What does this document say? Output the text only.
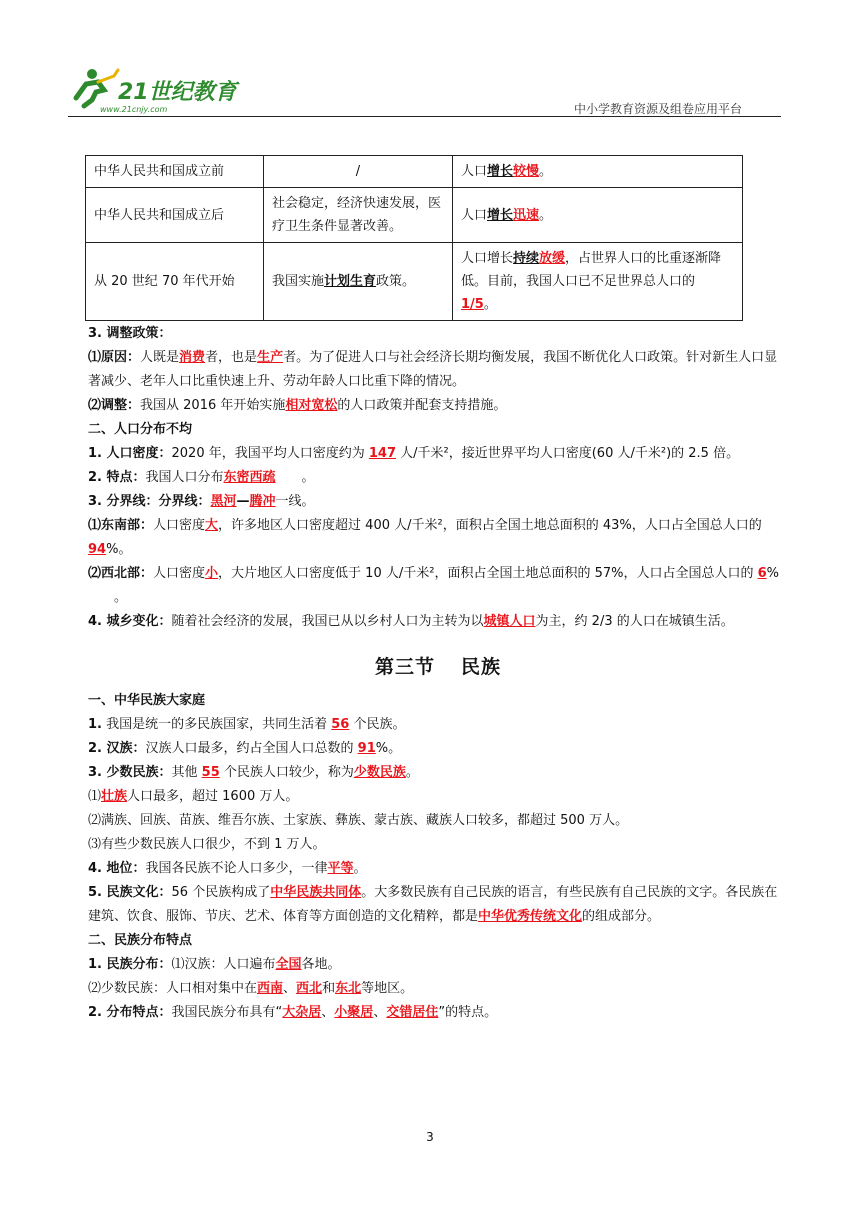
21世纪教育
www.21cnjy.com	中小学教育资源及组卷应用平台
中华人民共和国成立前	/	人口增长较慢。
中华人民共和国成立后	社会稳定，经济快速发展，医疗卫生条件显著改善。	人口增长迅速。
从 20 世纪 70 年代开始	我国实施计划生育政策。	人口增长持续放缓，占世界人口的比重逐渐降低。目前，我国人口已不足世界总人口的 1/5。
3. 调整政策：
⑴原因：人既是消费者，也是生产者。为了促进人口与社会经济长期均衡发展，我国不断优化人口政策。针对新生人口显著减少、老年人口比重快速上升、劳动年龄人口比重下降的情况。
⑵调整：我国从 2016 年开始实施相对宽松的人口政策并配套支持措施。
二、人口分布不均
1. 人口密度：2020 年，我国平均人口密度约为 147 人/千米²，接近世界平均人口密度(60 人/千米²)的 2.5 倍。
2. 特点：我国人口分布东密西疏 。
3. 分界线：分界线：黑河—腾冲一线。
⑴东南部：人口密度大，许多地区人口密度超过 400 人/千米²，面积占全国土地总面积的 43%，人口占全国总人口的 94%。
⑵西北部：人口密度小，大片地区人口密度低于 10 人/千米²，面积占全国土地总面积的 57%，人口占全国总人口的 6%。
4. 城乡变化：随着社会经济的发展，我国已从以乡村人口为主转为以城镇人口为主，约 2/3 的人口在城镇生活。
第三节 民族
一、中华民族大家庭
1. 我国是统一的多民族国家，共同生活着 56 个民族。
2. 汉族：汉族人口最多，约占全国人口总数的 91%。
3. 少数民族：其他 55 个民族人口较少，称为少数民族。
⑴壮族人口最多，超过 1600 万人。
⑵满族、回族、苗族、维吾尔族、土家族、彝族、蒙古族、藏族人口较多，都超过 500 万人。
⑶有些少数民族人口很少，不到 1 万人。
4. 地位：我国各民族不论人口多少，一律平等。
5. 民族文化：56 个民族构成了中华民族共同体。大多数民族有自己民族的语言，有些民族有自己民族的文字。各民族在建筑、饮食、服饰、节庆、艺术、体育等方面创造的文化精粹，都是中华优秀传统文化的组成部分。
二、民族分布特点
1. 民族分布：⑴汉族：人口遍布全国各地。
⑵少数民族：人口相对集中在西南、西北和东北等地区。
2. 分布特点：我国民族分布具有“大杂居、小聚居、交错居住”的特点。
3
